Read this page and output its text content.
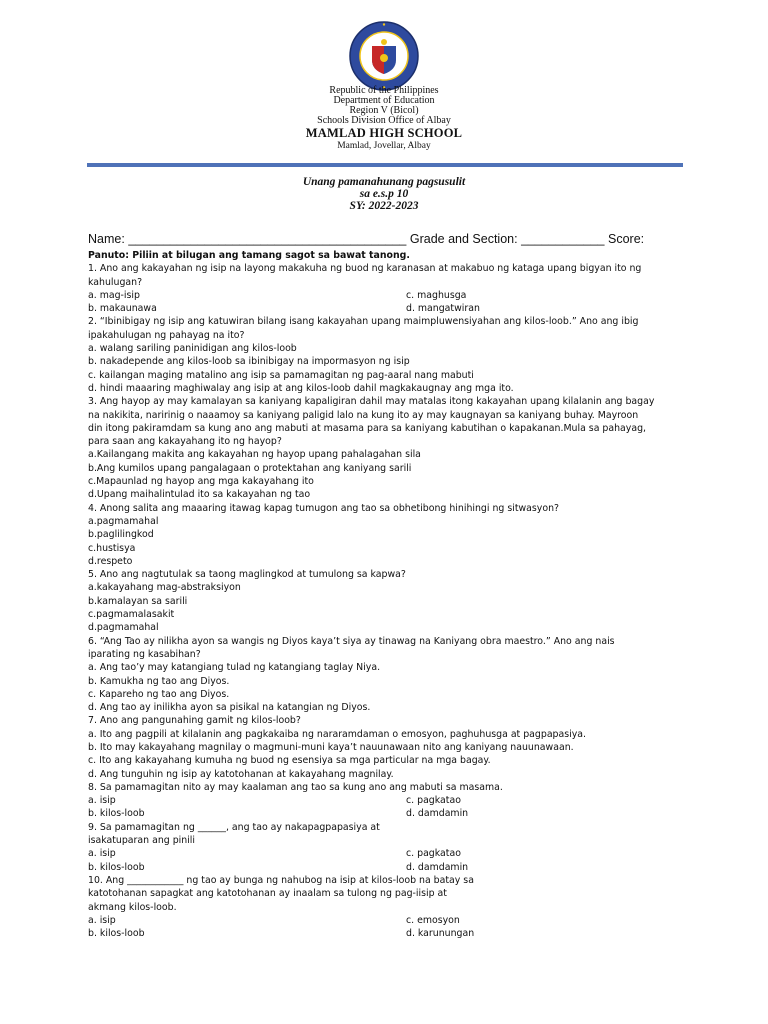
Republic of the Philippines
Department of Education
Region V (Bicol)
Schools Division Office of Albay
MAMLAD HIGH SCHOOL
Mamlad, Jovellar, Albay
Unang pamanahunang pagsusulit
sa e.s.p 10
SY: 2022-2023
Name: ________________________________________ Grade and Section: ____________ Score:

Panuto: Piliin at bilugan ang tamang sagot sa bawat tanong.

1. Ano ang kakayahan ng isip na layong makakuha ng buod ng karanasan at makabuo ng kataga upang bigyan ito ng

kahulugan?

a. mag-isip	c. maghusga
b. makaunawa	d. mangatwiran

2. “Ibinibigay ng isip ang katuwiran bilang isang kakayahan upang maimpluwensiyahan ang kilos-loob.” Ano ang ibig

ipakahulugan ng pahayag na ito?

a. walang sariling paninidigan ang kilos-loob

b. nakadepende ang kilos-loob sa ibinibigay na impormasyon ng isip

c. kailangan maging matalino ang isip sa pamamagitan ng pag-aaral nang mabuti

d. hindi maaaring maghiwalay ang isip at ang kilos-loob dahil magkakaugnay ang mga ito.

3. Ang hayop ay may kamalayan sa kaniyang kapaligiran dahil may matalas itong kakayahan upang kilalanin ang bagay

na nakikita, naririnig o naaamoy sa kaniyang paligid lalo na kung ito ay may kaugnayan sa kaniyang buhay. Mayroon

din itong pakiramdam sa kung ano ang mabuti at masama para sa kaniyang kabutihan o kapakanan.Mula sa pahayag,

para saan ang kakayahang ito ng hayop?

a.Kailangang makita ang kakayahan ng hayop upang pahalagahan sila

b.Ang kumilos upang pangalagaan o protektahan ang kaniyang sarili

c.Mapaunlad ng hayop ang mga kakayahang ito

d.Upang maihalintulad ito sa kakayahan ng tao

4. Anong salita ang maaaring itawag kapag tumugon ang tao sa obhetibong hinihingi ng sitwasyon?

a.pagmamahal

b.paglilingkod

c.hustisya

d.respeto

5. Ano ang nagtutulak sa taong maglingkod at tumulong sa kapwa?

a.kakayahang mag-abstraksiyon

b.kamalayan sa sarili

c.pagmamalasakit

d.pagmamahal

6. “Ang Tao ay nilikha ayon sa wangis ng Diyos kaya’t siya ay tinawag na Kaniyang obra maestro.” Ano ang nais

iparating ng kasabihan?

a. Ang tao’y may katangiang tulad ng katangiang taglay Niya.

b. Kamukha ng tao ang Diyos.

c. Kapareho ng tao ang Diyos.

d. Ang tao ay inilikha ayon sa pisikal na katangian ng Diyos.

7. Ano ang pangunahing gamit ng kilos-loob?

a. Ito ang pagpili at kilalanin ang pagkakaiba ng nararamdaman o emosyon, paghuhusga at pagpapasiya.

b. Ito may kakayahang magnilay o magmuni-muni kaya’t nauunawaan nito ang kaniyang nauunawaan.

c. Ito ang kakayahang kumuha ng buod ng esensiya sa mga particular na mga bagay.

d. Ang tunguhin ng isip ay katotohanan at kakayahang magnilay.

8. Sa pamamagitan nito ay may kaalaman ang tao sa kung ano ang mabuti sa masama.

a. isip	c. pagkatao
b. kilos-loob	d. damdamin

9. Sa pamamagitan ng ______, ang tao ay nakapagpapasiya at

isakatuparan ang pinili

a. isip	c. pagkatao
b. kilos-loob	d. damdamin

10. Ang ____________ ng tao ay bunga ng nahubog na isip at kilos-loob na batay sa

katotohanan sapagkat ang katotohanan ay inaalam sa tulong ng pag-iisip at

akmang kilos-loob.

a. isip	c. emosyon
b. kilos-loob	d. karunungan
